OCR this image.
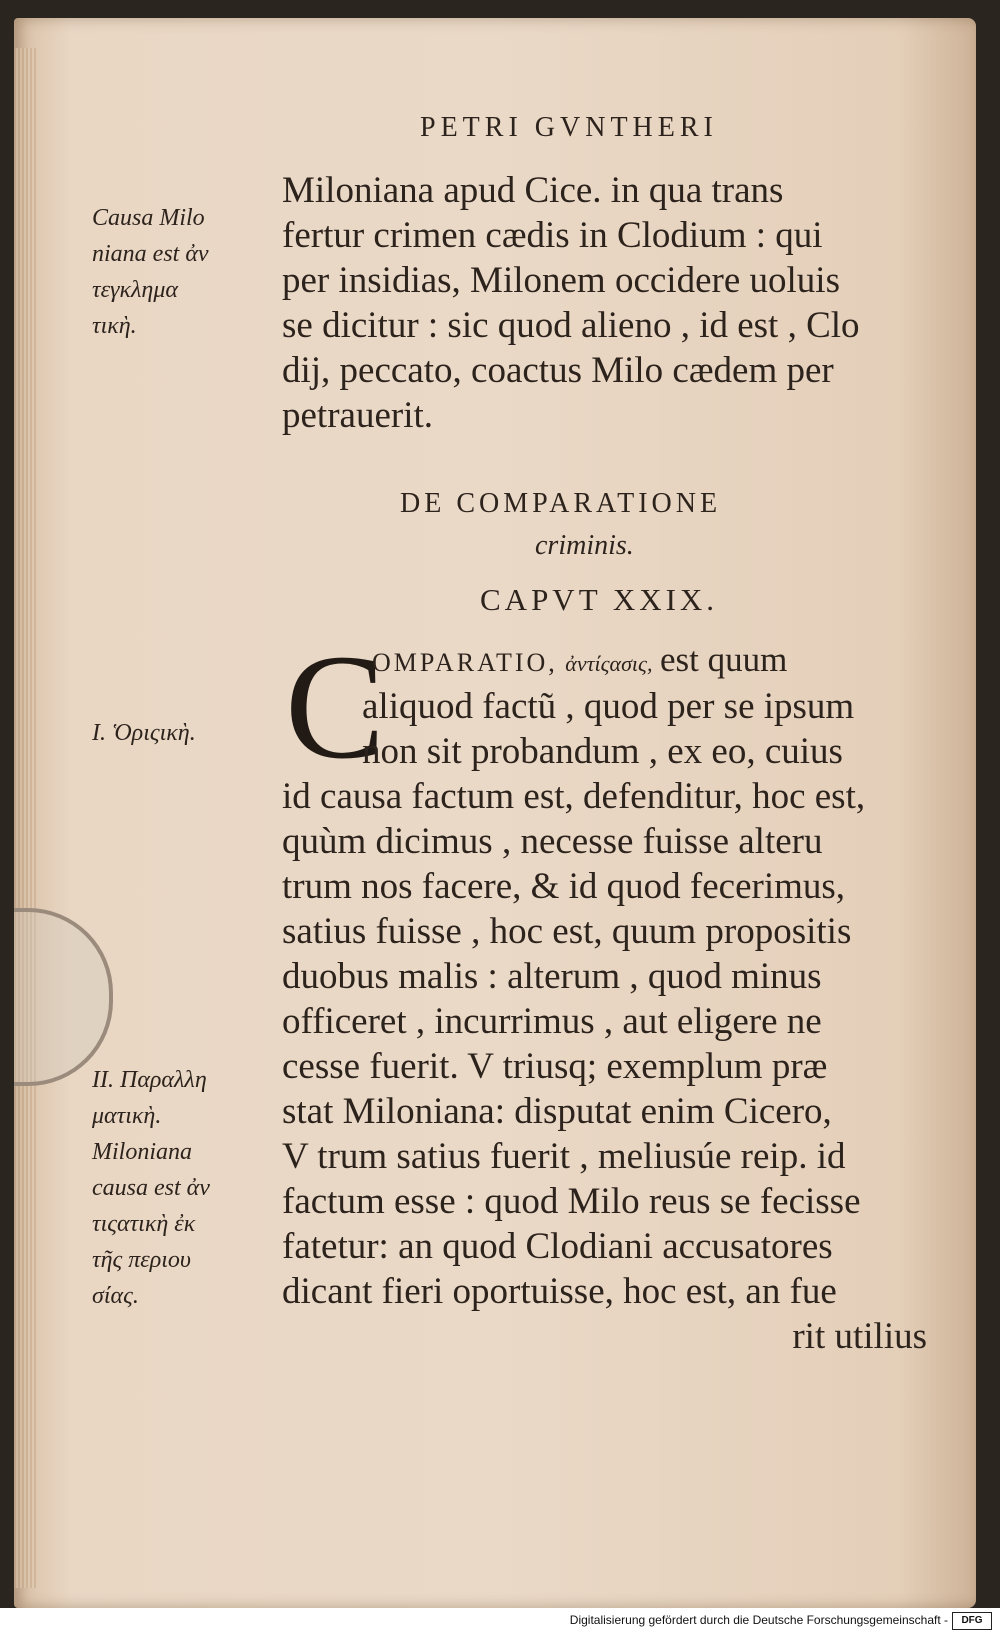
PETRI GVNTHERI
Miloniana apud Cice. in qua trans
fertur crimen cædis in Clodium : qui
per insidias, Milonem occidere uoluis
se dicitur : sic quod alieno , id est , Clo
dij, peccato, coactus Milo cædem per
petrauerit.
DE COMPARATIONE
criminis.
CAPVT XXIX.
C
OMPARATIO, ἀντίςασις, est quum
aliquod factũ , quod per se ipsum
non sit probandum , ex eo, cuius
id causa factum est, defenditur, hoc est,
quùm dicimus , necesse fuisse alteru
trum nos facere, & id quod fecerimus,
satius fuisse , hoc est, quum propositis
duobus malis : alterum , quod minus
officeret , incurrimus , aut eligere ne
cesse fuerit. V triusq; exemplum præ
stat Miloniana: disputat enim Cicero,
V trum satius fuerit , meliusúe reip. id
factum esse : quod Milo reus se fecisse
fatetur: an quod Clodiani accusatores
dicant fieri oportuisse, hoc est, an fue
rit utilius
Causa Milo
niana est ἀν
τεγκλημα
τικὴ.
I. Ὁριςικὴ.
II. Παραλλη
ματικὴ.
Miloniana
causa est ἀν
τιςατικὴ ἐκ
τῆς περιου
σίας.
Digitalisierung gefördert durch die Deutsche Forschungsgemeinschaft -	DFG
